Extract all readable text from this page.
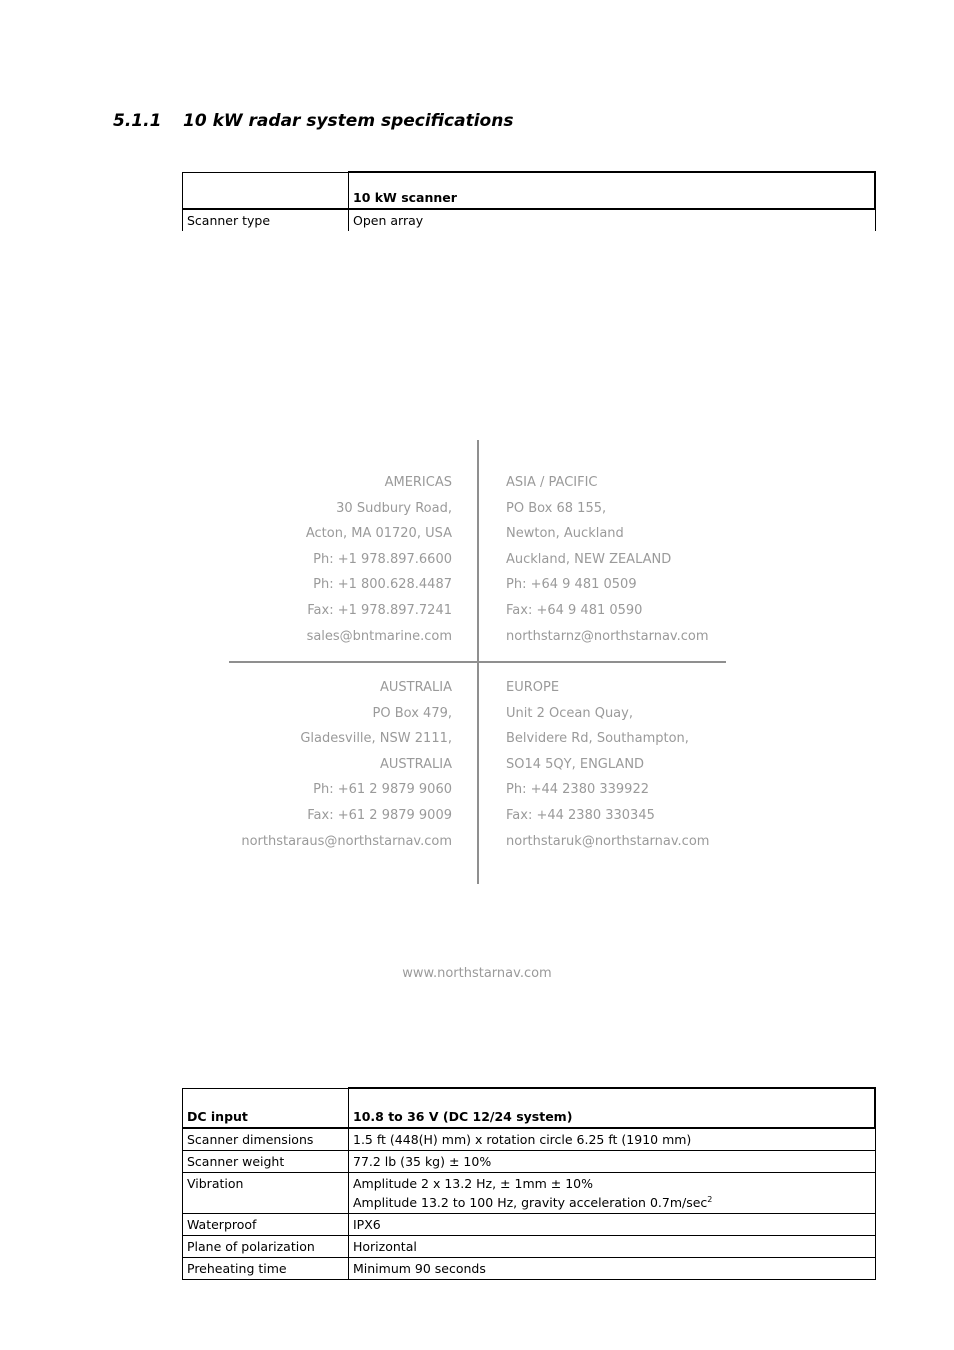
5.1.1 10 kW radar system specifications
	10 kW scanner
Scanner type	Open array
AMERICAS
30 Sudbury Road,
Acton, MA 01720, USA
Ph: +1 978.897.6600
Ph: +1 800.628.4487
Fax: +1 978.897.7241
sales@bntmarine.com
ASIA / PACIFIC
PO Box 68 155,
Newton, Auckland
Auckland, NEW ZEALAND
Ph: +64 9 481 0509
Fax: +64 9 481 0590
northstarnz@northstarnav.com
AUSTRALIA
PO Box 479,
Gladesville, NSW 2111,
AUSTRALIA
Ph: +61 2 9879 9060
Fax: +61 2 9879 9009
northstaraus@northstarnav.com
EUROPE
Unit 2 Ocean Quay,
Belvidere Rd, Southampton,
SO14 5QY, ENGLAND
Ph: +44 2380 339922
Fax: +44 2380 330345
northstaruk@northstarnav.com
www.northstarnav.com
DC input	10.8 to 36 V (DC 12/24 system)
Scanner dimensions	1.5 ft (448(H) mm) x rotation circle 6.25 ft (1910 mm)
Scanner weight	77.2 lb (35 kg) ± 10%
Vibration	Amplitude 2 x 13.2 Hz, ± 1mm ± 10%
Amplitude 13.2 to 100 Hz, gravity acceleration $0.7m/\sec^2$

Waterproof	IPX6
Plane of polarization	Horizontal
Preheating time	Minimum 90 seconds
